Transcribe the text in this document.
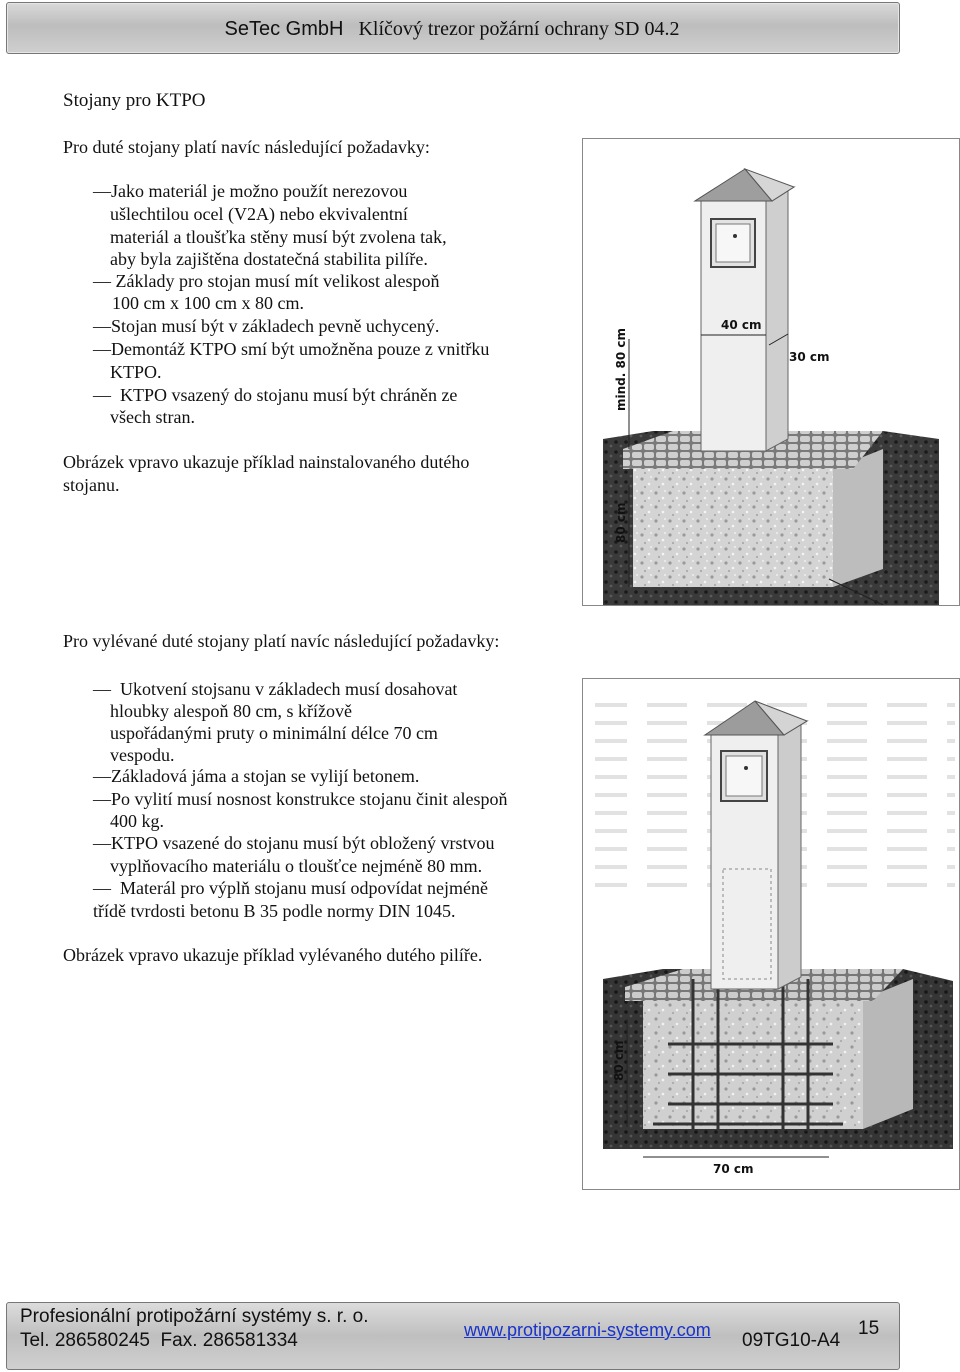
SeTec GmbH Klíčový trezor požární ochrany SD 04.2
Stojany pro KTPO
Pro duté stojany platí navíc následující požadavky:
—Jako materiál je možno použít nerezovou
ušlechtilou ocel (V2A) nebo ekvivalentní
materiál a tloušťka stěny musí být zvolena tak,
aby byla zajištěna dostatečná stabilita pilíře.
— Základy pro stojan musí mít velikost alespoň
100 cm x 100 cm x 80 cm.
—Stojan musí být v základech pevně uchycený.
—Demontáž KTPO smí být umožněna pouze z vnitřku
KTPO.
—  KTPO vsazený do stojanu musí být chráněn ze
všech stran.
Obrázek vpravo ukazuje příklad nainstalovaného dutého
stojanu.
40 cm
30 cm
mind. 80 cm
80 cm
Pro vylévané duté stojany platí navíc následující požadavky:
—  Ukotvení stojsanu v základech musí dosahovat
hloubky alespoň 80 cm, s křížově
uspořádanými pruty o minimální délce 70 cm
vespodu.
—Základová jáma a stojan se vylijí betonem.
—Po vylití musí nosnost konstrukce stojanu činit alespoň
400 kg.
—KTPO vsazené do stojanu musí být obložený vrstvou
vyplňovacího materiálu o tloušťce nejméně 80 mm.
—  Materál pro výplň stojanu musí odpovídat nejméně
třídě tvrdosti betonu B 35 podle normy DIN 1045.
Obrázek vpravo ukazuje příklad vylévaného dutého pilíře.
80 cm
70 cm
Profesionální protipožární systémy s. r. o.
Tel. 286580245 Fax. 286581334	www.protipozarni-systemy.com 09TG10-A4
15
